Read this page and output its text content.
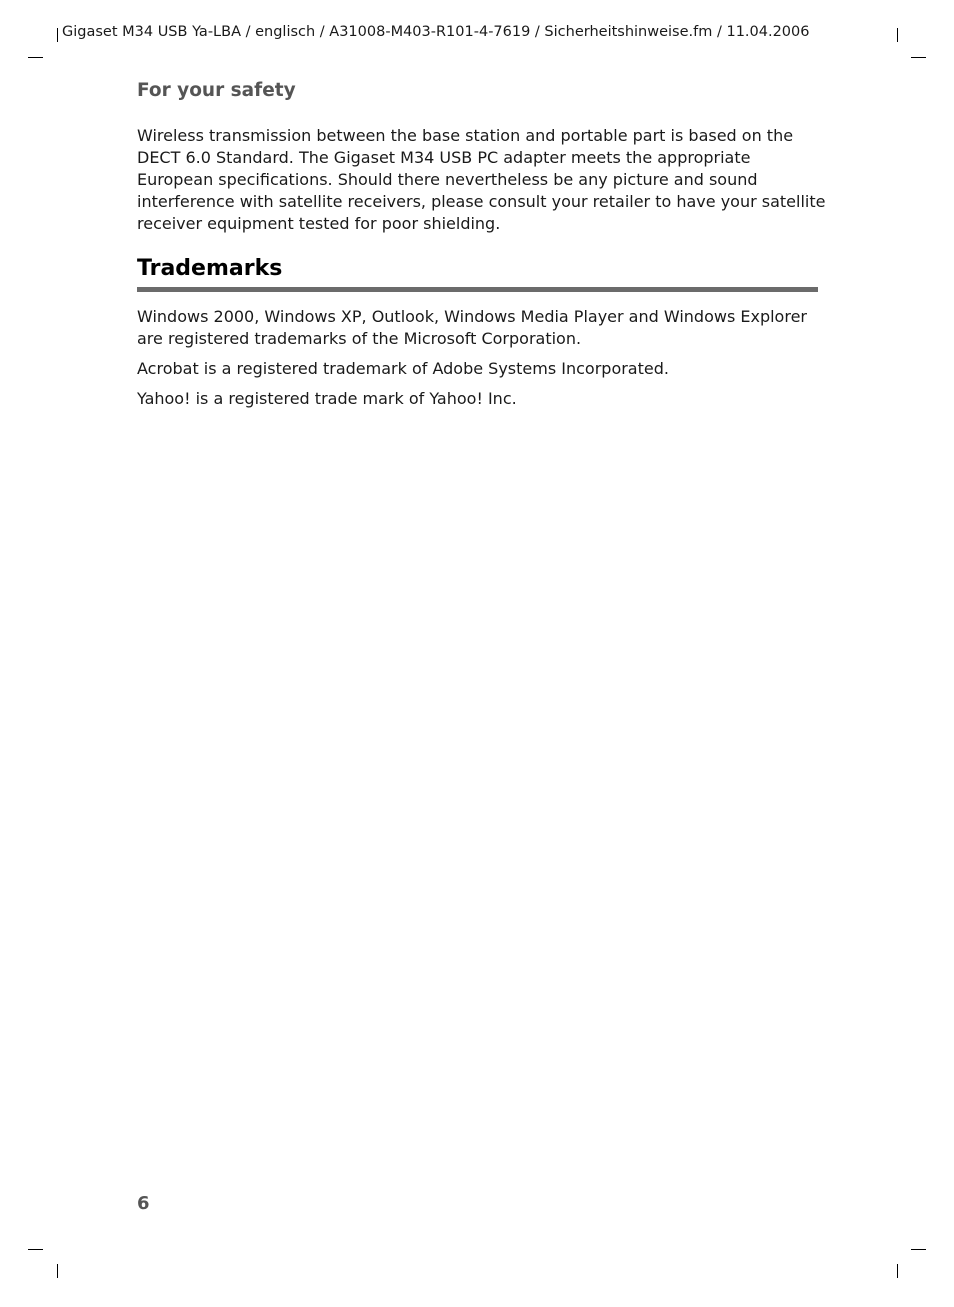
Gigaset M34 USB Ya-LBA / englisch / A31008-M403-R101-4-7619 / Sicherheitshinweise.fm / 11.04.2006
For your safety

Wireless transmission between the base station and portable part is based on the DECT 6.0 Standard. The Gigaset M34 USB PC adapter meets the appropriate European specifications. Should there nevertheless be any picture and sound interference with satellite receivers, please consult your retailer to have your satellite receiver equipment tested for poor shielding.

Trademarks

Windows 2000, Windows XP, Outlook, Windows Media Player and Windows Explorer are registered trademarks of the Microsoft Corporation.

Acrobat is a registered trademark of Adobe Systems Incorporated.

Yahoo! is a registered trade mark of Yahoo! Inc.

6
